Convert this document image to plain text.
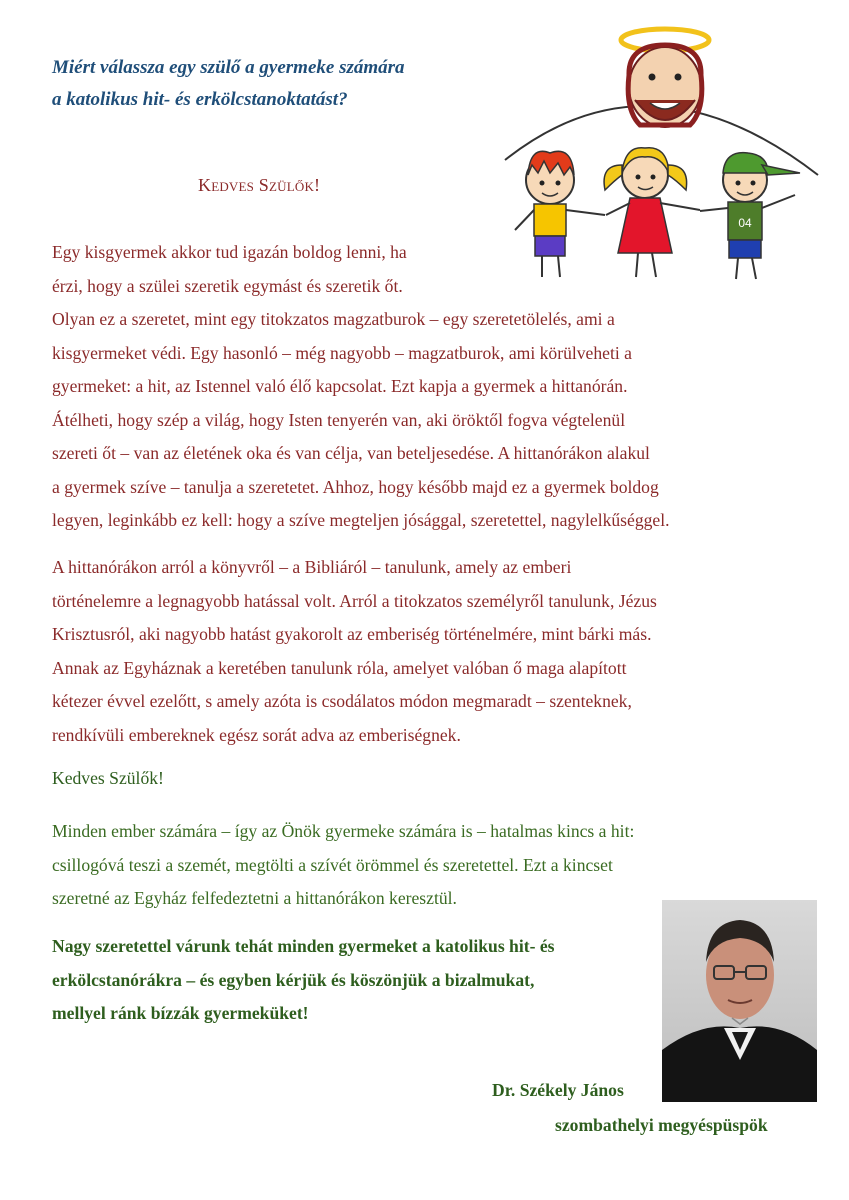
Miért válassza egy szülő a gyermeke számára
a katolikus hit- és erkölcstanoktatást?
04
Kedves Szülők!
Egy kisgyermek akkor tud igazán boldog lenni, ha
érzi, hogy a szülei szeretik egymást és szeretik őt.
Olyan ez a szeretet, mint egy titokzatos magzatburok – egy szeretetölelés, ami a
kisgyermeket védi. Egy hasonló – még nagyobb – magzatburok, ami körülveheti a
gyermeket: a hit, az Istennel való élő kapcsolat. Ezt kapja a gyermek a hittanórán.
Átélheti, hogy szép a világ, hogy Isten tenyerén van, aki öröktől fogva végtelenül
szereti őt – van az életének oka és van célja, van beteljesedése. A hittanórákon alakul
a gyermek szíve – tanulja a szeretetet. Ahhoz, hogy később majd ez a gyermek boldog
legyen, leginkább ez kell: hogy a szíve megteljen jósággal, szeretettel, nagylelkűséggel.
A hittanórákon arról a könyvről – a Bibliáról – tanulunk, amely az emberi
történelemre a legnagyobb hatással volt. Arról a titokzatos személyről tanulunk, Jézus
Krisztusról, aki nagyobb hatást gyakorolt az emberiség történelmére, mint bárki más.
Annak az Egyháznak a keretében tanulunk róla, amelyet valóban ő maga alapított
kétezer évvel ezelőtt, s amely azóta is csodálatos módon megmaradt – szenteknek,
rendkívüli embereknek egész sorát adva az emberiségnek.
Kedves Szülők!
Minden ember számára – így az Önök gyermeke számára is – hatalmas kincs a hit:
csillogóvá teszi a szemét, megtölti a szívét örömmel és szeretettel. Ezt a kincset
szeretné az Egyház felfedeztetni a hittanórákon keresztül.
Nagy szeretettel várunk tehát minden gyermeket a katolikus hit- és
erkölcstanórákra – és egyben kérjük és köszönjük a bizalmukat,
mellyel ránk bízzák gyermeküket!
Dr. Székely János
szombathelyi megyéspüspök
